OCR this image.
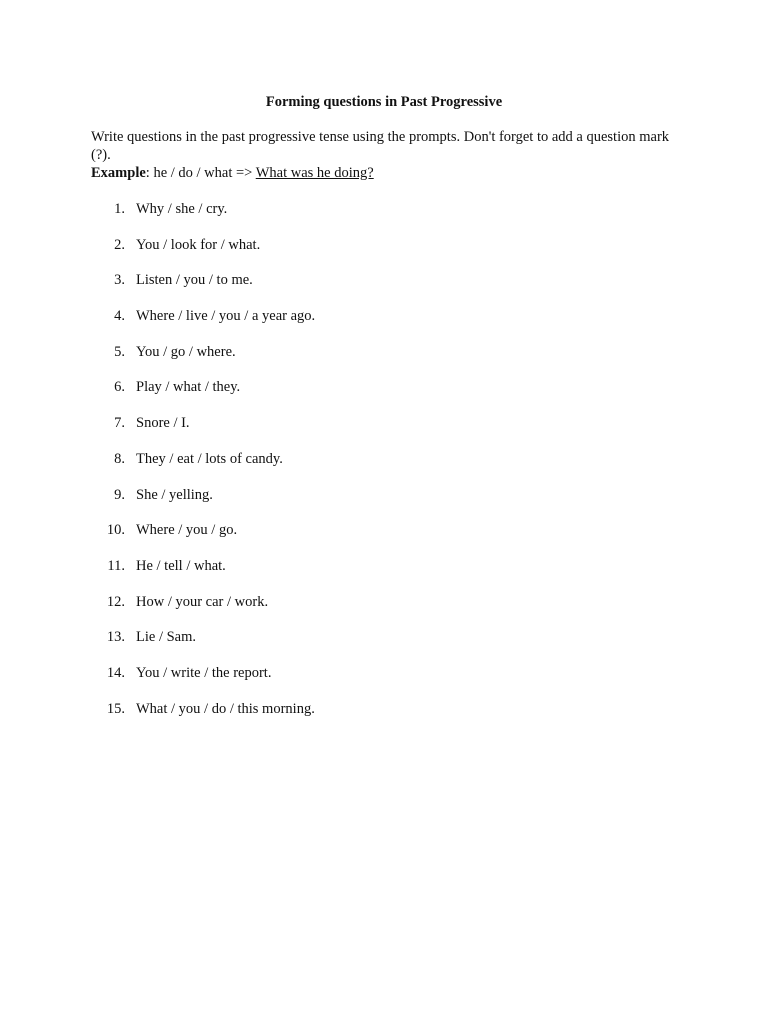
Forming questions in Past Progressive

Write questions in the past progressive tense using the prompts. Don't forget to add a question mark (?).

Example: he / do / what => What was he doing?
1. Why / she / cry.
2. You / look for / what.
3. Listen / you / to me.
4. Where / live / you / a year ago.
5. You / go / where.
6. Play / what / they.
7. Snore / I.
8. They / eat / lots of candy.
9. She / yelling.
10. Where / you / go.
11. He / tell / what.
12. How / your car / work.
13. Lie / Sam.
14. You / write / the report.
15. What / you / do / this morning.
